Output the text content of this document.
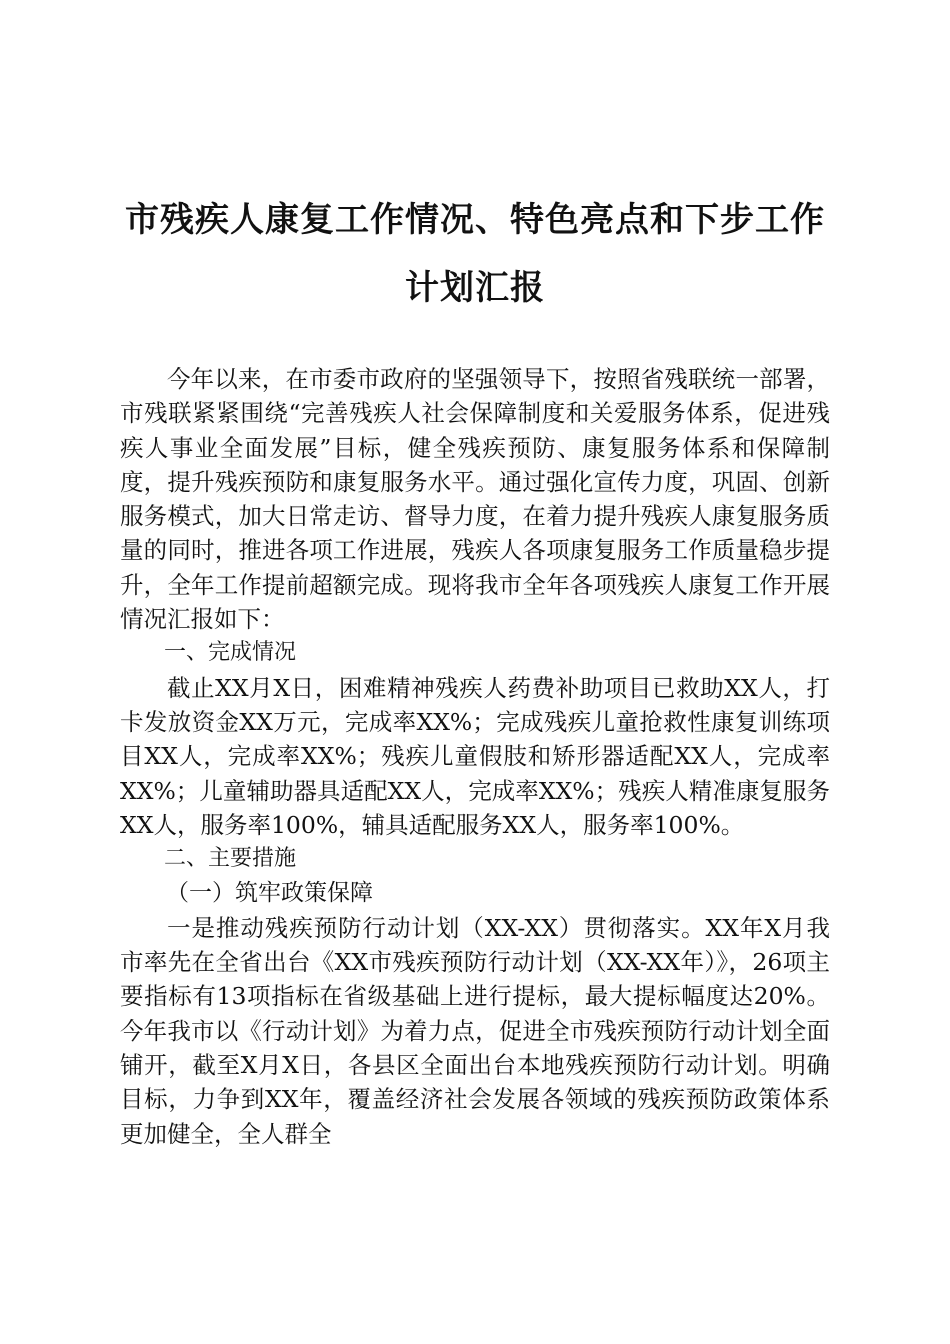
市残疾人康复工作情况、特色亮点和下步工作
计划汇报

今年以来，在市委市政府的坚强领导下，按照省残联统一部署，市残联紧紧围绕“完善残疾人社会保障制度和关爱服务体系，促进残疾人事业全面发展”目标，健全残疾预防、康复服务体系和保障制度，提升残疾预防和康复服务水平。通过强化宣传力度，巩固、创新服务模式，加大日常走访、督导力度，在着力提升残疾人康复服务质量的同时，推进各项工作进展，残疾人各项康复服务工作质量稳步提升，全年工作提前超额完成。现将我市全年各项残疾人康复工作开展情况汇报如下：

一、完成情况

截止XX月X日，困难精神残疾人药费补助项目已救助XX人，打卡发放资金XX万元，完成率XX%；完成残疾儿童抢救性康复训练项目XX人，完成率XX%；残疾儿童假肢和矫形器适配XX人，完成率XX%；儿童辅助器具适配XX人，完成率XX%；残疾人精准康复服务XX人，服务率100%，辅具适配服务XX人，服务率100%。

二、主要措施

（一）筑牢政策保障

一是推动残疾预防行动计划（XX-XX）贯彻落实。XX年X月我市率先在全省出台《XX市残疾预防行动计划（XX-XX年）》，26项主要指标有13项指标在省级基础上进行提标，最大提标幅度达20%。今年我市以《行动计划》为着力点，促进全市残疾预防行动计划全面铺开，截至X月X日，各县区全面出台本地残疾预防行动计划。明确目标，力争到XX年，覆盖经济社会发展各领域的残疾预防政策体系更加健全，全人群全
